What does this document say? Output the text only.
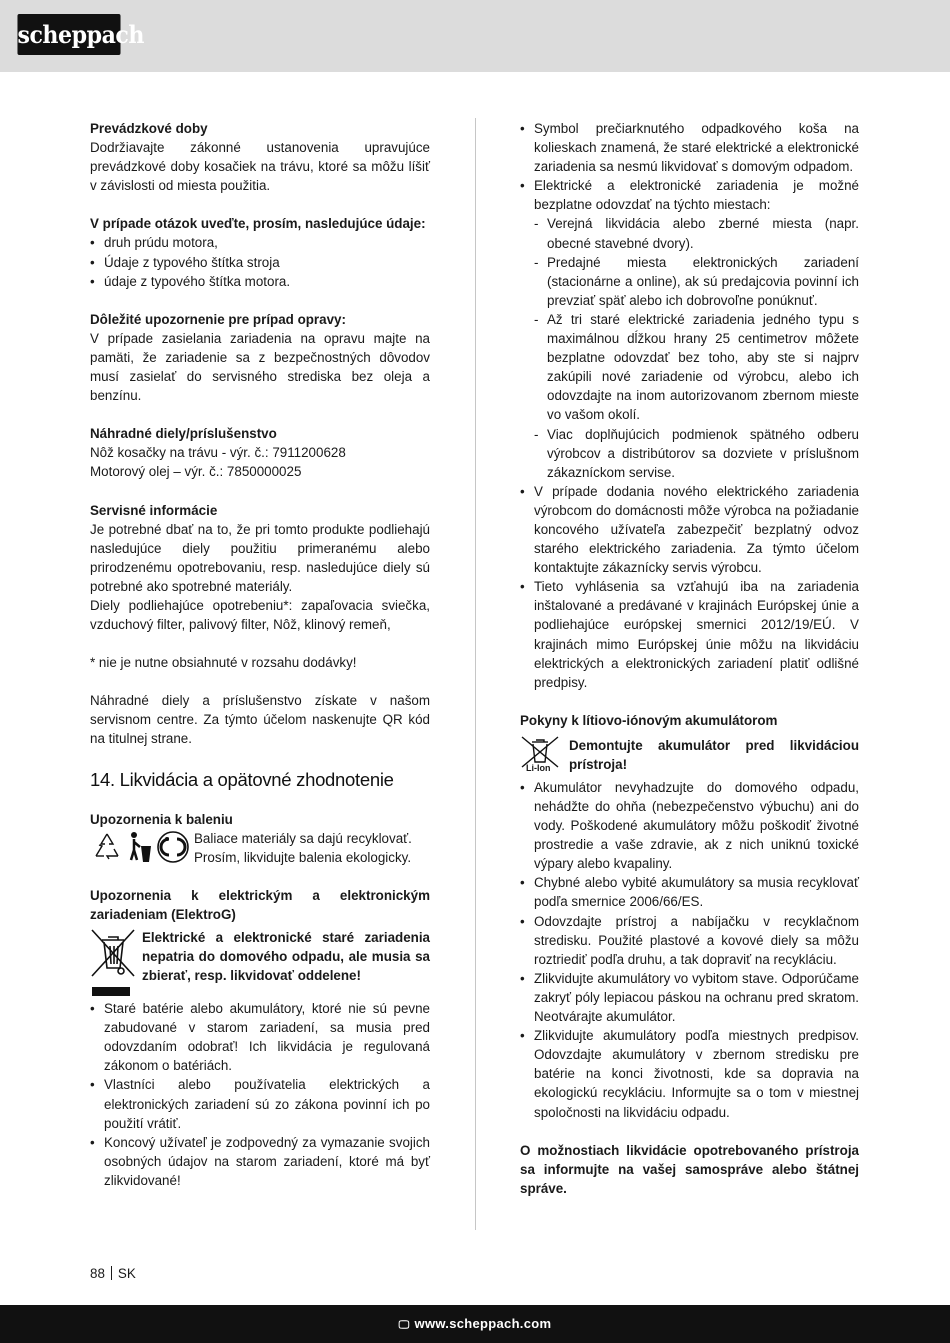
scheppach

Prevádzkové doby

Dodržiavajte zákonné ustanovenia upravujúce prevádzkové doby kosačiek na trávu, ktoré sa môžu líšiť v závislosti od miesta použitia.

V prípade otázok uveďte, prosím, nasledujúce údaje:

• druh prúdu motora,
• Údaje z typového štítka stroja
• údaje z typového štítka motora.

Dôležité upozornenie pre prípad opravy:

V prípade zasielania zariadenia na opravu majte na pamäti, že zariadenie sa z bezpečnostných dôvodov musí zasielať do servisného strediska bez oleja a benzínu.

Náhradné diely/príslušenstvo

Nôž kosačky na trávu - výr. č.: 7911200628

Motorový olej – výr. č.: 7850000025

Servisné informácie

Je potrebné dbať na to, že pri tomto produkte podliehajú nasledujúce diely použitiu primeranému alebo prirodzenému opotrebovaniu, resp. nasledujúce diely sú potrebné ako spotrebné materiály.

Diely podliehajúce opotrebeniu*: zapaľovacia sviečka, vzduchový filter, palivový filter, Nôž, klinový remeň,

* nie je nutne obsiahnuté v rozsahu dodávky!

Náhradné diely a príslušenstvo získate v našom servisnom centre. Za týmto účelom naskenujte QR kód na titulnej strane.

14. Likvidácia a opätovné zhodnotenie

Upozornenia k baleniu

Baliace materiály sa dajú recyklovať. Prosím, likvidujte balenia ekologicky.

Upozornenia k elektrickým a elektronickým zariadeniam (ElektroG)

Elektrické a elektronické staré zariadenia nepatria do domového odpadu, ale musia sa zbierať, resp. likvidovať oddelene!

• Staré batérie alebo akumulátory, ktoré nie sú pevne zabudované v starom zariadení, sa musia pred odovzdaním odobrať! Ich likvidácia je regulovaná zákonom o batériách.
• Vlastníci alebo používatelia elektrických a elektronických zariadení sú zo zákona povinní ich po použití vrátiť.
• Koncový užívateľ je zodpovedný za vymazanie svojich osobných údajov na starom zariadení, ktoré má byť zlikvidované!
• Symbol prečiarknutého odpadkového koša na kolieskach znamená, že staré elektrické a elektronické zariadenia sa nesmú likvidovať s domovým odpadom.
• Elektrické a elektronické zariadenia je možné bezplatne odovzdať na týchto miestach:
- Verejná likvidácia alebo zberné miesta (napr. obecné stavebné dvory).
- Predajné miesta elektronických zariadení (stacionárne a online), ak sú predajcovia povinní ich prevziať späť alebo ich dobrovoľne ponúknuť.
- Až tri staré elektrické zariadenia jedného typu s maximálnou dĺžkou hrany 25 centimetrov môžete bezplatne odovzdať bez toho, aby ste si najprv zakúpili nové zariadenie od výrobcu, alebo ich odovzdajte na inom autorizovanom zbernom mieste vo vašom okolí.
- Viac doplňujúcich podmienok spätného odberu výrobcov a distribútorov sa dozviete v príslušnom zákazníckom servise.
• V prípade dodania nového elektrického zariadenia výrobcom do domácnosti môže výrobca na požiadanie koncového užívateľa zabezpečiť bezplatný odvoz starého elektrického zariadenia. Za týmto účelom kontaktujte zákaznícky servis výrobcu.
• Tieto vyhlásenia sa vzťahujú iba na zariadenia inštalované a predávané v krajinách Európskej únie a podliehajúce európskej smernici 2012/19/EÚ. V krajinách mimo Európskej únie môžu na likvidáciu elektrických a elektronických zariadení platiť odlišné predpisy.

Pokyny k lítiovo-iónovým akumulátorom

Li-Ion

Demontujte akumulátor pred likvidáciou prístroja!

• Akumulátor nevyhadzujte do domového odpadu, nehádžte do ohňa (nebezpečenstvo výbuchu) ani do vody. Poškodené akumulátory môžu poškodiť životné prostredie a vaše zdravie, ak z nich uniknú toxické výpary alebo kvapaliny.
• Chybné alebo vybité akumulátory sa musia recyklovať podľa smernice 2006/66/ES.
• Odovzdajte prístroj a nabíjačku v recyklačnom stredisku. Použité plastové a kovové diely sa môžu roztriediť podľa druhu, a tak dopraviť na recykláciu.
• Zlikvidujte akumulátory vo vybitom stave. Odporúčame zakryť póly lepiacou páskou na ochranu pred skratom. Neotvárajte akumulátor.
• Zlikvidujte akumulátory podľa miestnych predpisov. Odovzdajte akumulátory v zbernom stredisku pre batérie na konci životnosti, kde sa dopravia na ekologickú recykláciu. Informujte sa o tom v miestnej spoločnosti na likvidáciu odpadu.

O možnostiach likvidácie opotrebovaného prístroja sa informujte na vašej samospráve alebo štátnej správe.

88 SK
🖵 www.scheppach.com
